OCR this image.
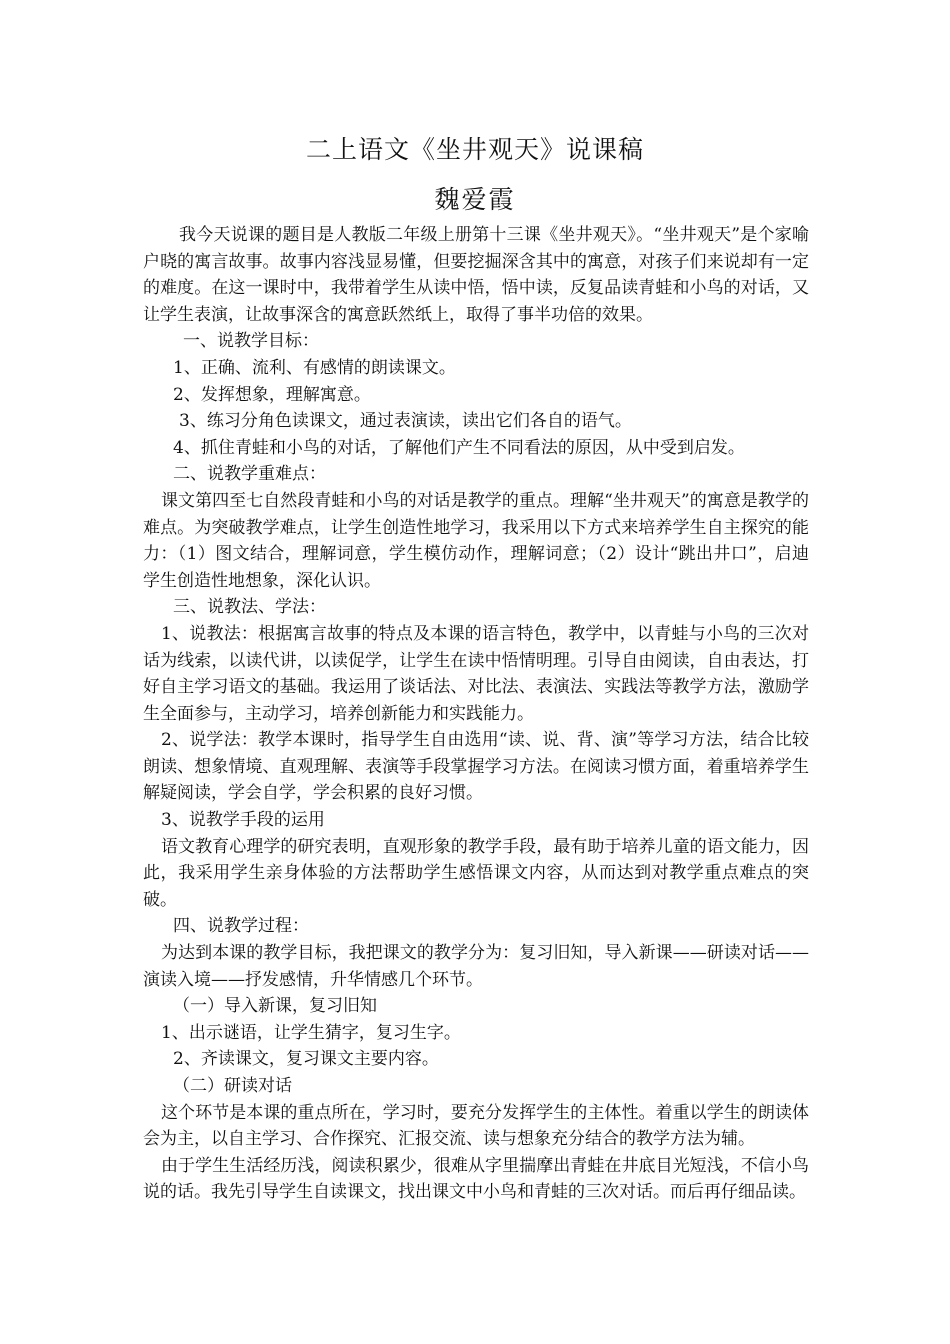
二上语文《坐井观天》说课稿
魏爱霞

我今天说课的题目是人教版二年级上册第十三课《坐井观天》。“坐井观天”是个家喻户晓的寓言故事。故事内容浅显易懂，但要挖掘深含其中的寓意，对孩子们来说却有一定的难度。在这一课时中，我带着学生从读中悟，悟中读，反复品读青蛙和小鸟的对话，又让学生表演，让故事深含的寓意跃然纸上，取得了事半功倍的效果。

一、说教学目标：

1、正确、流利、有感情的朗读课文。

2、发挥想象，理解寓意。

3、练习分角色读课文，通过表演读，读出它们各自的语气。

4、抓住青蛙和小鸟的对话，了解他们产生不同看法的原因，从中受到启发。

二、说教学重难点：

课文第四至七自然段青蛙和小鸟的对话是教学的重点。理解“坐井观天”的寓意是教学的难点。为突破教学难点，让学生创造性地学习，我采用以下方式来培养学生自主探究的能力：（1）图文结合，理解词意，学生模仿动作，理解词意；（2）设计“跳出井口”，启迪学生创造性地想象，深化认识。

三、说教法、学法：

1、说教法：根据寓言故事的特点及本课的语言特色，教学中，以青蛙与小鸟的三次对话为线索，以读代讲，以读促学，让学生在读中悟情明理。引导自由阅读，自由表达，打好自主学习语文的基础。我运用了谈话法、对比法、表演法、实践法等教学方法，激励学生全面参与，主动学习，培养创新能力和实践能力。

2、说学法：教学本课时，指导学生自由选用“读、说、背、演”等学习方法，结合比较朗读、想象情境、直观理解、表演等手段掌握学习方法。在阅读习惯方面，着重培养学生解疑阅读，学会自学，学会积累的良好习惯。

3、说教学手段的运用

语文教育心理学的研究表明，直观形象的教学手段，最有助于培养儿童的语文能力，因此，我采用学生亲身体验的方法帮助学生感悟课文内容，从而达到对教学重点难点的突破。

四、说教学过程：

为达到本课的教学目标，我把课文的教学分为：复习旧知，导入新课——研读对话——演读入境——抒发感情，升华情感几个环节。

（一）导入新课，复习旧知

1、出示谜语，让学生猜字，复习生字。

2、齐读课文，复习课文主要内容。

（二）研读对话

这个环节是本课的重点所在，学习时，要充分发挥学生的主体性。着重以学生的朗读体会为主，以自主学习、合作探究、汇报交流、读与想象充分结合的教学方法为辅。

由于学生生活经历浅，阅读积累少，很难从字里揣摩出青蛙在井底目光短浅，不信小鸟说的话。我先引导学生自读课文，找出课文中小鸟和青蛙的三次对话。而后再仔细品读。
